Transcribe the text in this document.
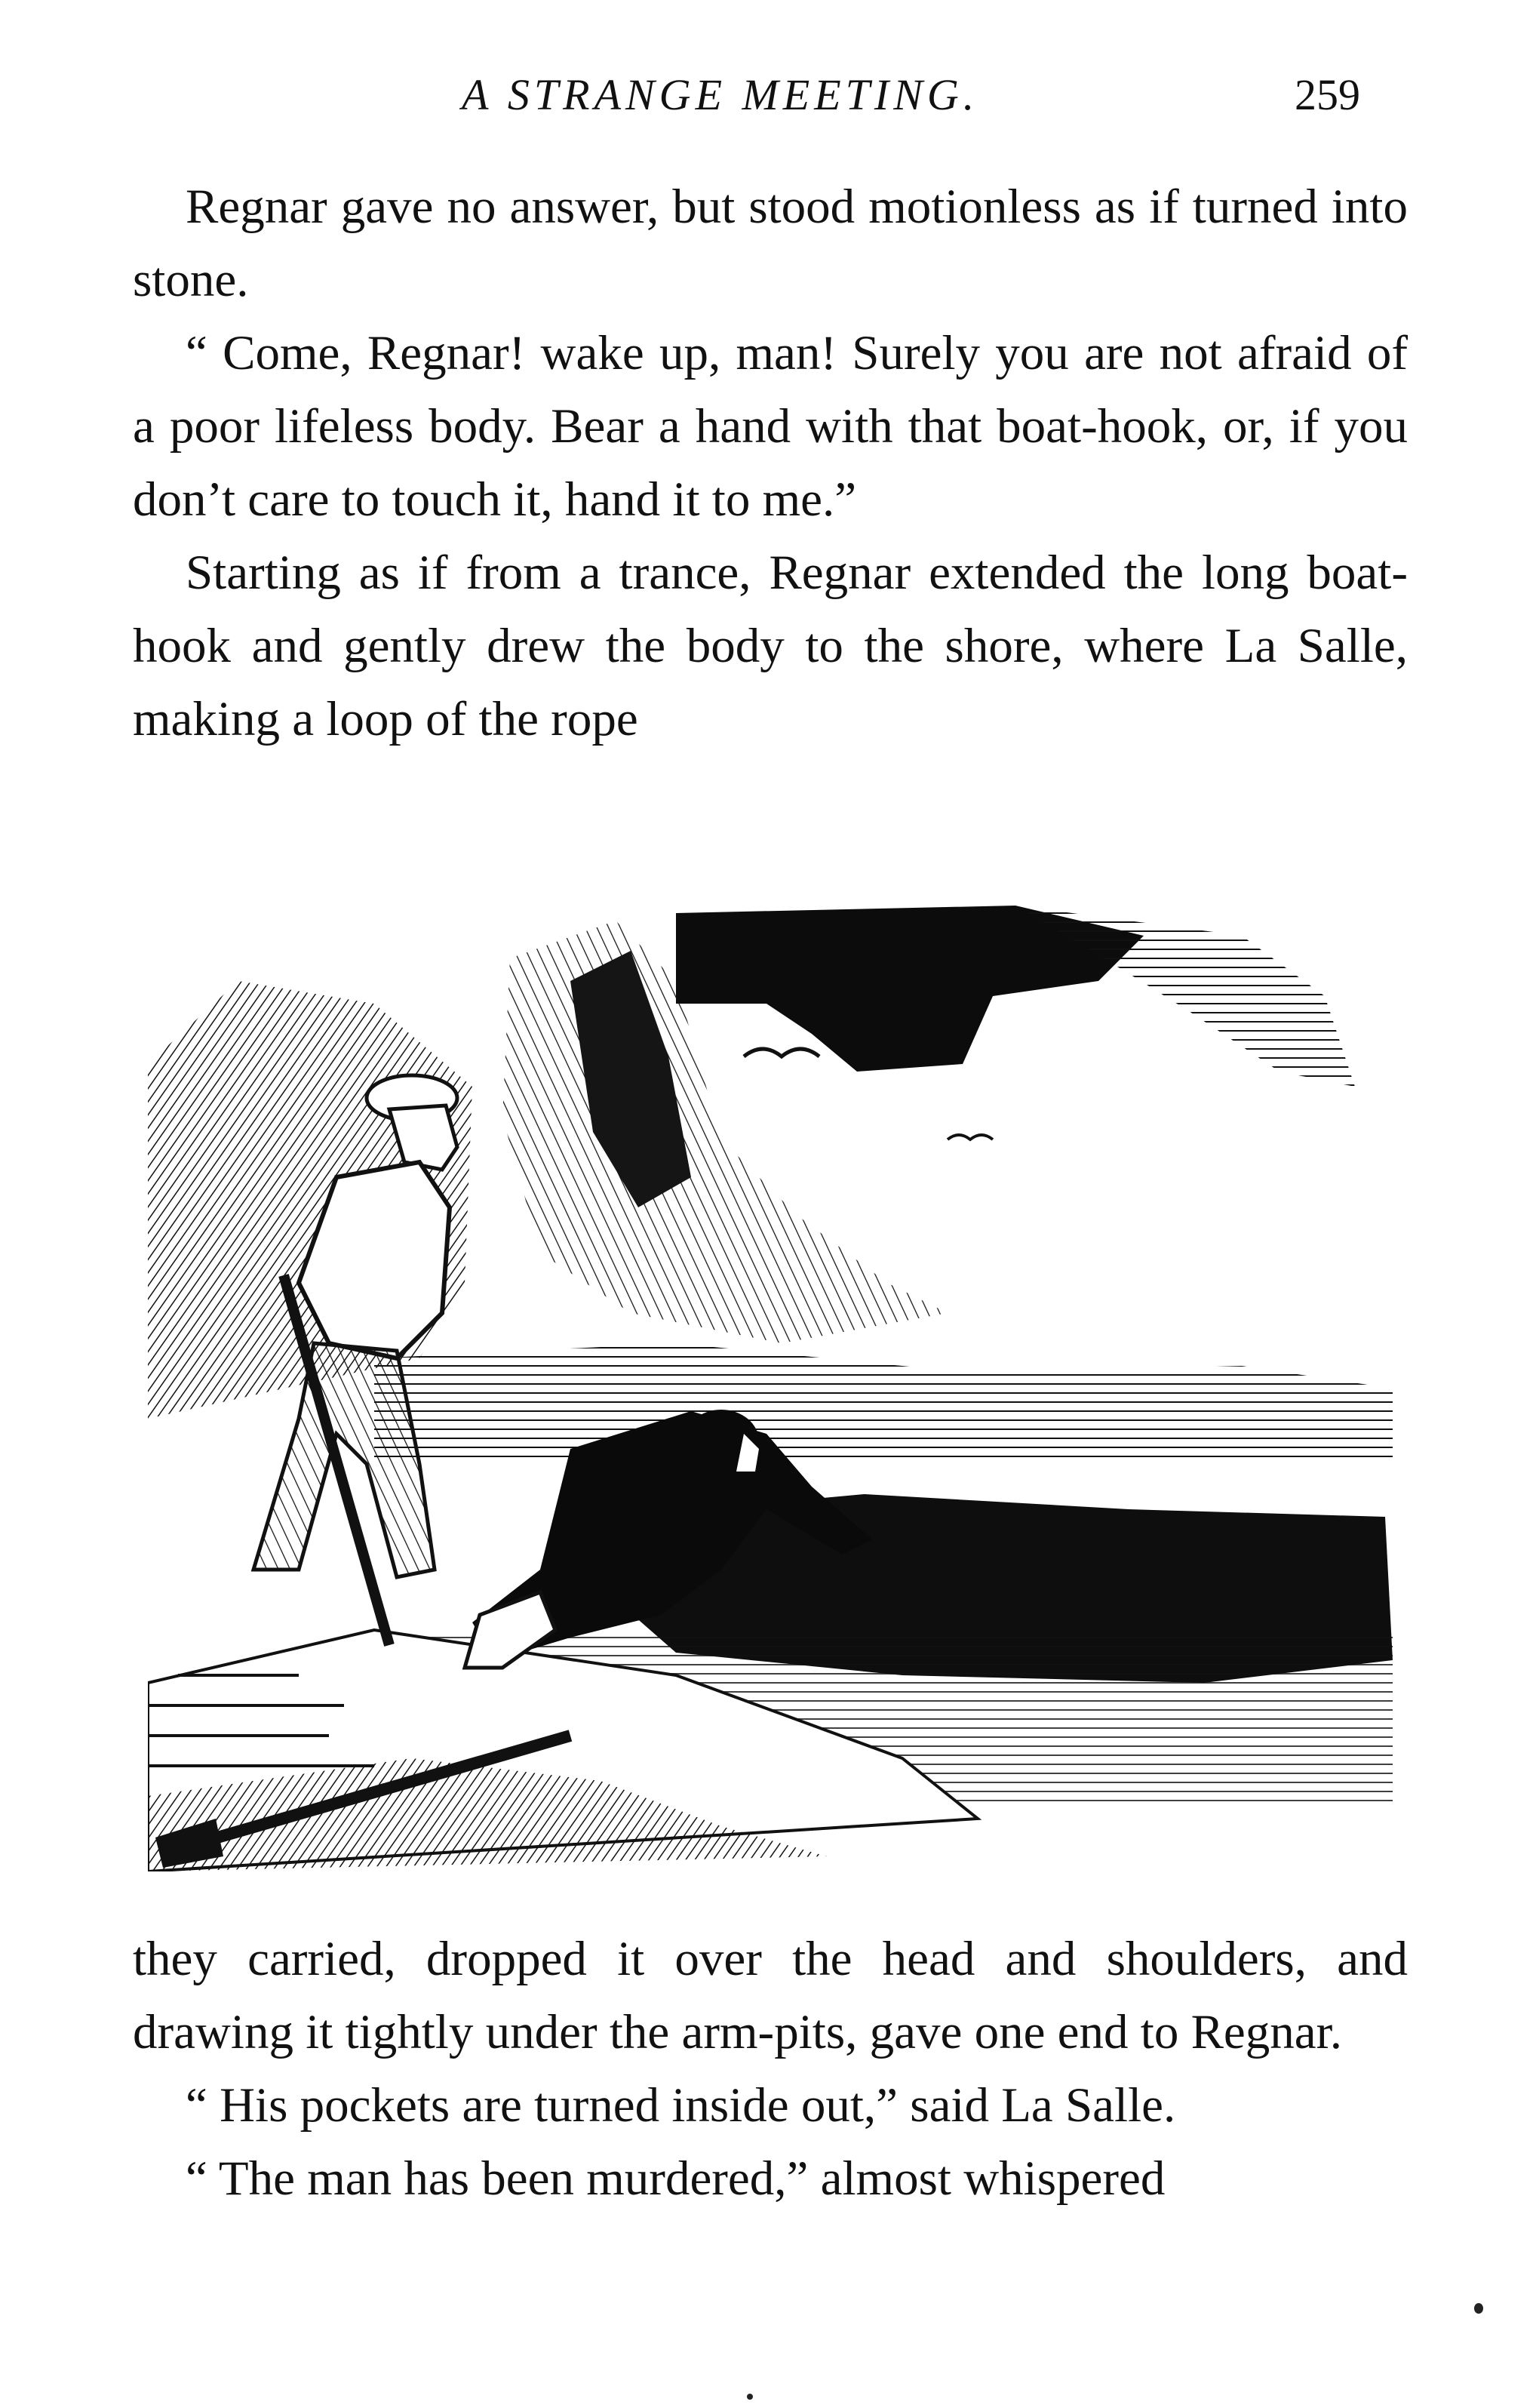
A STRANGE MEETING.	259

Regnar gave no answer, but stood motionless as if turned into stone.

“ Come, Regnar! wake up, man! Surely you are not afraid of a poor lifeless body. Bear a hand with that boat-hook, or, if you don’t care to touch it, hand it to me.”

Starting as if from a trance, Regnar extended the long boat-hook and gently drew the body to the shore, where La Salle, making a loop of the rope

they carried, dropped it over the head and shoulders, and drawing it tightly under the arm-pits, gave one end to Regnar.

“ His pockets are turned inside out,” said La Salle.

“ The man has been murdered,” almost whispered
